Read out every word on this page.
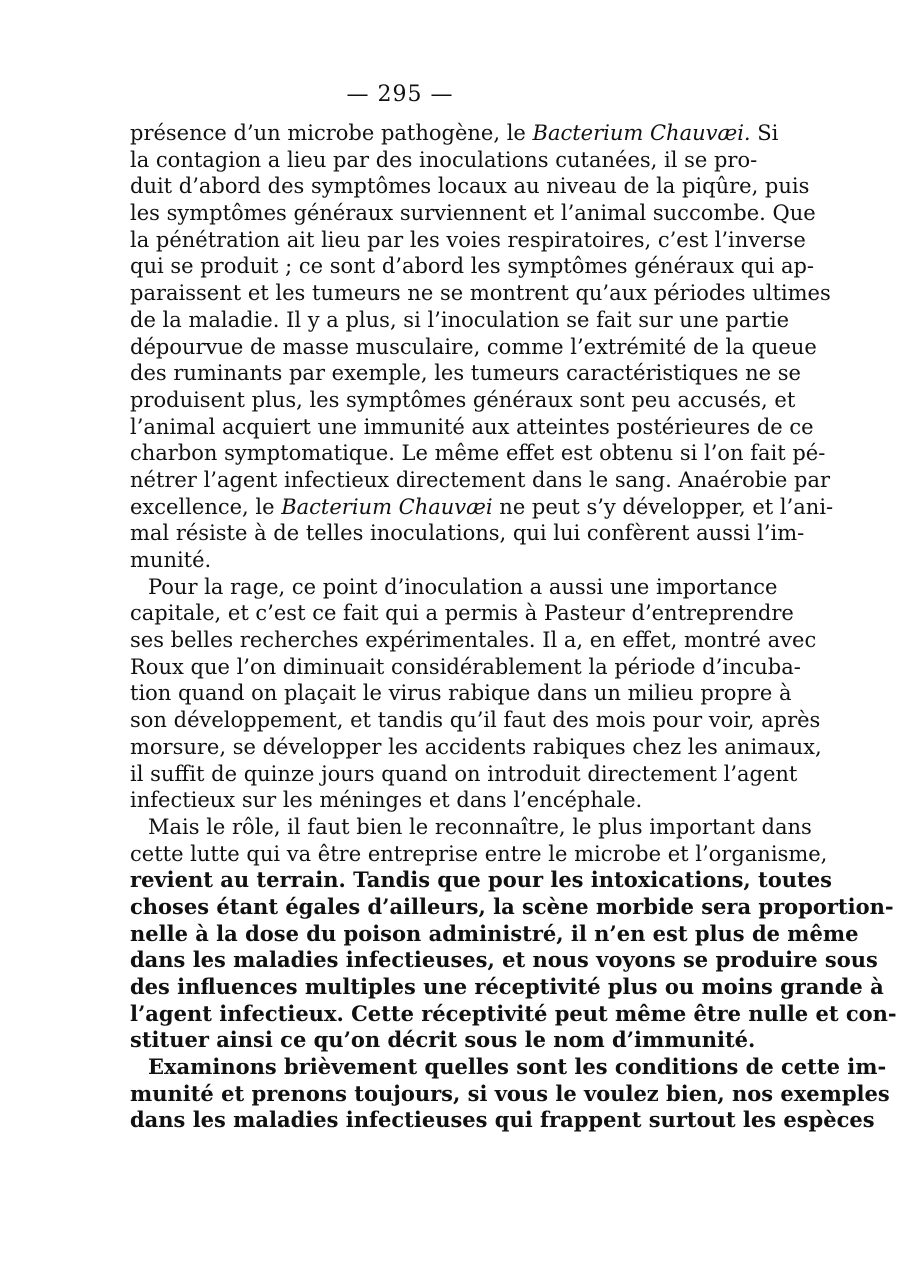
— 295 —
présence d’un microbe pathogène, le Bacterium Chauvæi. Si
la contagion a lieu par des inoculations cutanées, il se pro-
duit d’abord des symptômes locaux au niveau de la piqûre, puis
les symptômes généraux surviennent et l’animal succombe. Que
la pénétration ait lieu par les voies respiratoires, c’est l’inverse
qui se produit ; ce sont d’abord les symptômes généraux qui ap-
paraissent et les tumeurs ne se montrent qu’aux périodes ultimes
de la maladie. Il y a plus, si l’inoculation se fait sur une partie
dépourvue de masse musculaire, comme l’extrémité de la queue
des ruminants par exemple, les tumeurs caractéristiques ne se
produisent plus, les symptômes généraux sont peu accusés, et
l’animal acquiert une immunité aux atteintes postérieures de ce
charbon symptomatique. Le même effet est obtenu si l’on fait pé-
nétrer l’agent infectieux directement dans le sang. Anaérobie par
excellence, le Bacterium Chauvæi ne peut s’y développer, et l’ani-
mal résiste à de telles inoculations, qui lui confèrent aussi l’im-
munité.
Pour la rage, ce point d’inoculation a aussi une importance
capitale, et c’est ce fait qui a permis à Pasteur d’entreprendre
ses belles recherches expérimentales. Il a, en effet, montré avec
Roux que l’on diminuait considérablement la période d’incuba-
tion quand on plaçait le virus rabique dans un milieu propre à
son développement, et tandis qu’il faut des mois pour voir, après
morsure, se développer les accidents rabiques chez les animaux,
il suffit de quinze jours quand on introduit directement l’agent
infectieux sur les méninges et dans l’encéphale.
Mais le rôle, il faut bien le reconnaître, le plus important dans
cette lutte qui va être entreprise entre le microbe et l’organisme,
revient au terrain. Tandis que pour les intoxications, toutes
choses étant égales d’ailleurs, la scène morbide sera proportion-
nelle à la dose du poison administré, il n’en est plus de même
dans les maladies infectieuses, et nous voyons se produire sous
des influences multiples une réceptivité plus ou moins grande à
l’agent infectieux. Cette réceptivité peut même être nulle et con-
stituer ainsi ce qu’on décrit sous le nom d’immunité.
Examinons brièvement quelles sont les conditions de cette im-
munité et prenons toujours, si vous le voulez bien, nos exemples
dans les maladies infectieuses qui frappent surtout les espèces
